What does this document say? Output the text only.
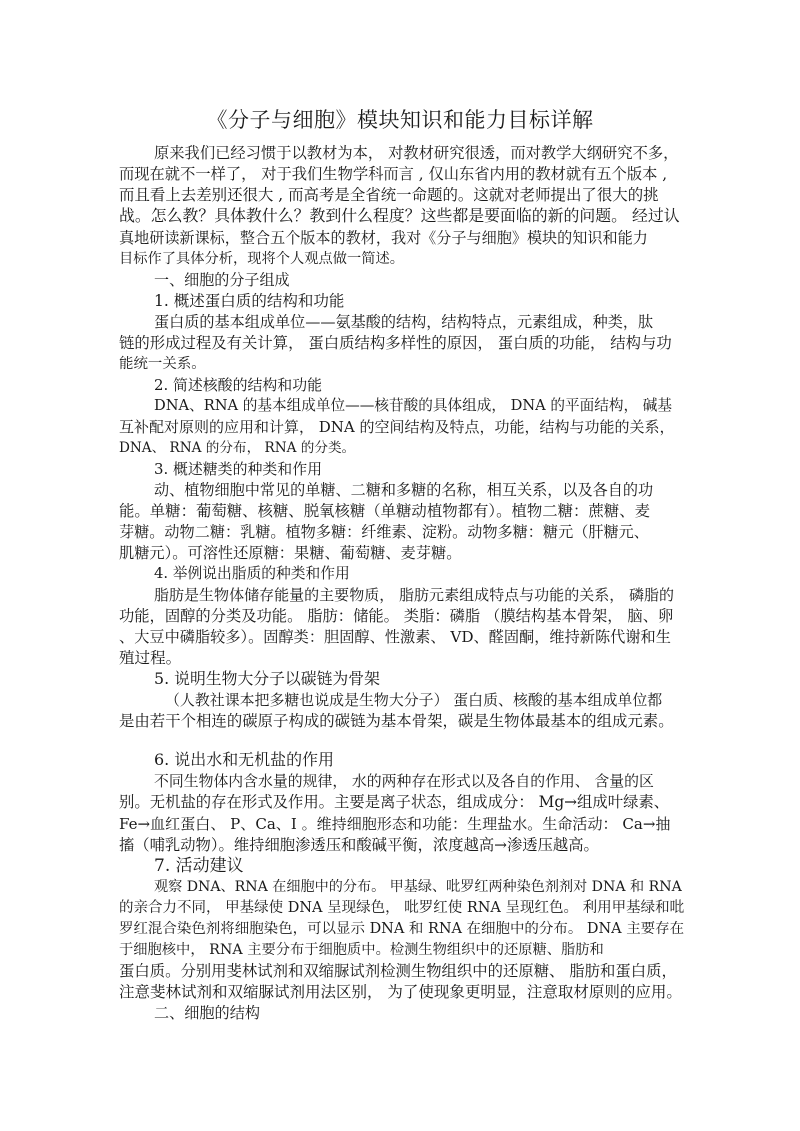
《分子与细胞》模块知识和能力目标详解
原来我们已经习惯于以教材为本， 对教材研究很透，而对教学大纲研究不多，
而现在就不一样了， 对于我们生物学科而言 , 仅山东省内用的教材就有五个版本 ,
而且看上去差别还很大 , 而高考是全省统一命题的。这就对老师提出了很大的挑
战。怎么教？具体教什么？教到什么程度？这些都是要面临的新的问题。 经过认
真地研读新课标，整合五个版本的教材，我对《分子与细胞》模块的知识和能力
目标作了具体分析，现将个人观点做一简述。
一、细胞的分子组成
1. 概述蛋白质的结构和功能
蛋白质的基本组成单位——氨基酸的结构，结构特点，元素组成，种类，肽
链的形成过程及有关计算， 蛋白质结构多样性的原因， 蛋白质的功能， 结构与功
能统一关系。
2. 简述核酸的结构和功能
DNA、RNA 的基本组成单位——核苷酸的具体组成， DNA 的平面结构， 碱基
互补配对原则的应用和计算， DNA 的空间结构及特点，功能，结构与功能的关系，
DNA、 RNA 的分布， RNA 的分类。
3. 概述糖类的种类和作用
动、植物细胞中常见的单糖、二糖和多糖的名称，相互关系，以及各自的功
能。单糖：葡萄糖、核糖、脱氧核糖（单糖动植物都有）。植物二糖：蔗糖、麦
芽糖。动物二糖：乳糖。植物多糖：纤维素、淀粉。动物多糖：糖元（肝糖元、
肌糖元）。可溶性还原糖：果糖、葡萄糖、麦芽糖。
4. 举例说出脂质的种类和作用
脂肪是生物体储存能量的主要物质， 脂肪元素组成特点与功能的关系， 磷脂的
功能，固醇的分类及功能。 脂肪：储能。 类脂：磷脂 （膜结构基本骨架， 脑、卵
、大豆中磷脂较多）。固醇类：胆固醇、性激素、 VD、醛固酮，维持新陈代谢和生
殖过程。
5. 说明生物大分子以碳链为骨架
（人教社课本把多糖也说成是生物大分子） 蛋白质、核酸的基本组成单位都
是由若干个相连的碳原子构成的碳链为基本骨架，碳是生物体最基本的组成元素。
6. 说出水和无机盐的作用
不同生物体内含水量的规律， 水的两种存在形式以及各自的作用、 含量的区
别。无机盐的存在形式及作用。主要是离子状态，组成成分： Mg→组成叶绿素、
Fe→血红蛋白、 P、Ca、I 。维持细胞形态和功能：生理盐水。生命活动： Ca→抽
搐（哺乳动物）。维持细胞渗透压和酸碱平衡，浓度越高→渗透压越高。
7. 活动建议
观察 DNA、RNA 在细胞中的分布。 甲基绿、吡罗红两种染色剂剂对 DNA 和 RNA
的亲合力不同， 甲基绿使 DNA 呈现绿色， 吡罗红使 RNA 呈现红色。 利用甲基绿和吡
罗红混合染色剂将细胞染色，可以显示 DNA 和 RNA 在细胞中的分布。 DNA 主要存在
于细胞核中， RNA 主要分布于细胞质中。检测生物组织中的还原糖、脂肪和
蛋白质。分别用斐林试剂和双缩脲试剂检测生物组织中的还原糖、 脂肪和蛋白质，
注意斐林试剂和双缩脲试剂用法区别， 为了使现象更明显，注意取材原则的应用。
二、细胞的结构
